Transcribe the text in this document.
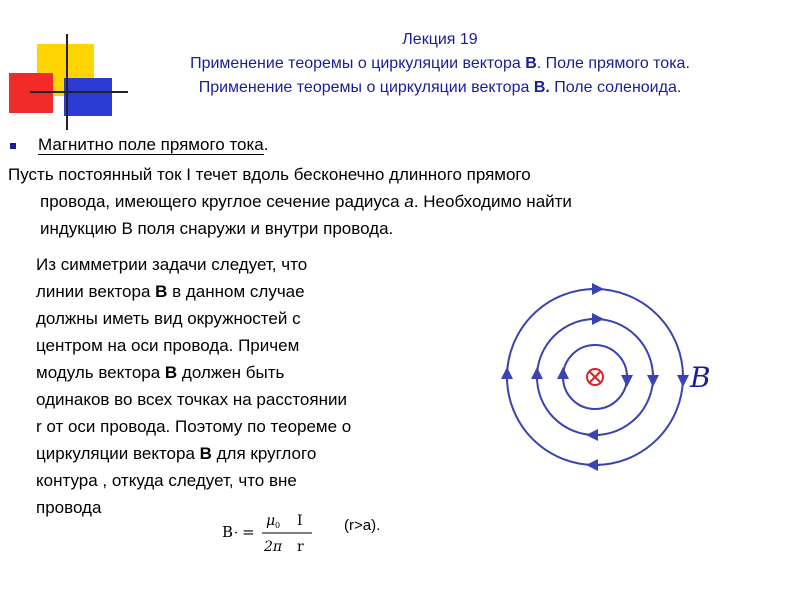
Лекция 19
Применение теоремы о циркуляции вектора B. Поле прямого тока.
Применение теоремы о циркуляции вектора B. Поле соленоида.
Магнитно поле прямого тока.
Пусть постоянный ток I течет вдоль бесконечно длинного прямого
провода, имеющего круглое сечение радиуса a. Необходимо найти
индукцию В поля снаружи и внутри провода.
Из симметрии задачи следует, что
линии вектора B в данном случае
должны иметь вид окружностей с
центром на оси провода. Причем
модуль вектора B должен быть
одинаков во всех точках на расстоянии
r от оси провода. Поэтому по теореме о
циркуляции вектора B для круглого
контура , откуда следует, что вне
провода
B · =
μ 0 I
2π r
(r>a).
B
